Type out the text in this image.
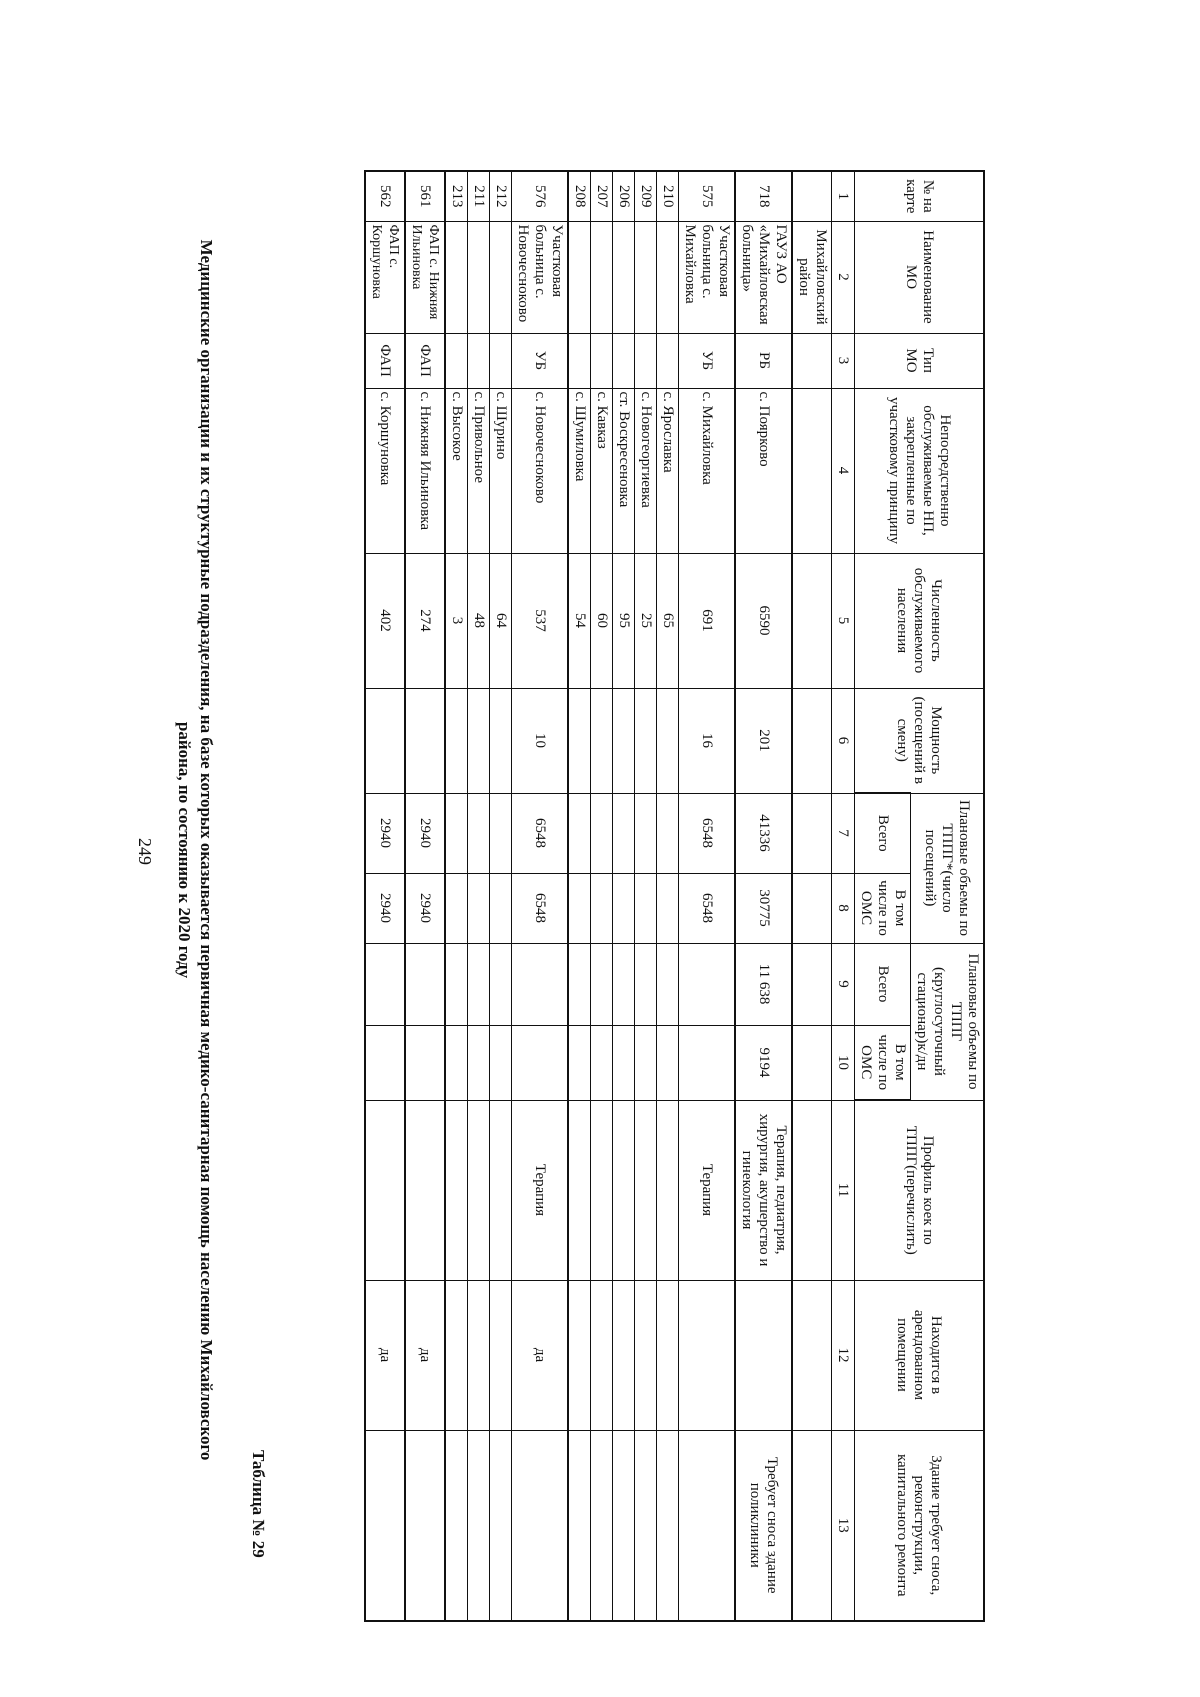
249 Медицинские организации и их структурные подразделения, на базе которых оказывается первичная медико-санитарная помощь населению Михайловского
района, по состоянию к 2020 году
Таблица № 29
№ на карте	Наименование МО	Тип МО	Непосредственно обслуживаемые НП, закрепленные по участковому принципу	Численность обслуживаемого населения	Мощность (посещений в смену)	Плановые объемы по ТППГ*(число посещений)		Плановые объемы по ТППГ (круглосуточный стационар)к/дн		Профиль коек по ТППГ(перечислить)	Находится в арендованном помещении	Здание требует сноса, реконструкции, капитального ремонта
						Всего	В том числе по ОМС	Всего	В том числе по ОМС			
1	2	3	4	5	6	7	8	9	10	11	12	13
	Михайловский район											
718	ГАУЗ АО «Михайловская больница»	РБ	с. Поярково	6590	201	41336	30775	11 638	9194	Терапия, педиатрия, хирургия, акушерство и гинекология		Требует сноса здание поликлиники
575	Участковая больница с. Михайловка	УБ	с. Михайловка	691	16	6548	6548			Терапия		
210			с. Ярославка	65								
209			с. Новогеоргиевка	25								
206			ст. Воскресеновка	95								
207			с. Кавказ	60								
208			с. Шумиловка	54								
576	Участковая больница с. Новочесноково	УБ	с. Новочесноково	537	10	6548	6548			Терапия	да	
212			с. Шурино	64								
211			с. Привольное	48								
213			с. Высокое	3								
561	ФАП с. Нижняя Ильиновка	ФАП	с. Нижняя Ильиновка	274		2940	2940				да	
562	ФАП с. Коршуновка	ФАП	с. Коршуновка	402		2940	2940				да	
